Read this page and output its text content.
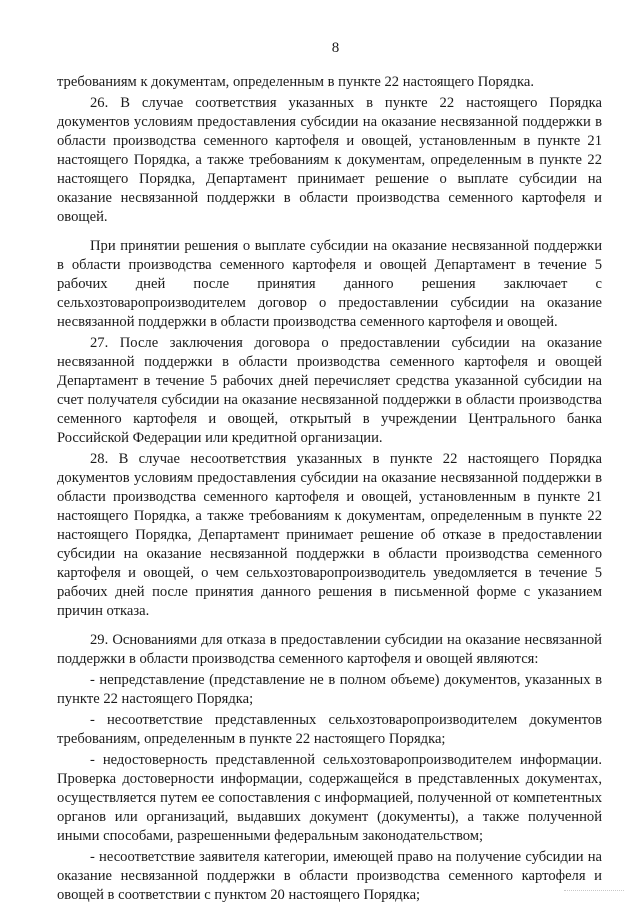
8

требованиям к документам, определенным в пункте 22 настоящего Порядка.

26. В случае соответствия указанных в пункте 22 настоящего Порядка документов условиям предоставления субсидии на оказание несвязанной поддержки в области производства семенного картофеля и овощей, установленным в пункте 21 настоящего Порядка, а также требованиям к документам, определенным в пункте 22 настоящего Порядка, Департамент принимает решение о выплате субсидии на оказание несвязанной поддержки в области производства семенного картофеля и овощей.

При принятии решения о выплате субсидии на оказание несвязанной поддержки в области производства семенного картофеля и овощей Департамент в течение 5 рабочих дней после принятия данного решения заключает с сельхозтоваропроизводителем договор о предоставлении субсидии на оказание несвязанной поддержки в области производства семенного картофеля и овощей.

27. После заключения договора о предоставлении субсидии на оказание несвязанной поддержки в области производства семенного картофеля и овощей Департамент в течение 5 рабочих дней перечисляет средства указанной субсидии на счет получателя субсидии на оказание несвязанной поддержки в области производства семенного картофеля и овощей, открытый в учреждении Центрального банка Российской Федерации или кредитной организации.

28. В случае несоответствия указанных в пункте 22 настоящего Порядка документов условиям предоставления субсидии на оказание несвязанной поддержки в области производства семенного картофеля и овощей, установленным в пункте 21 настоящего Порядка, а также требованиям к документам, определенным в пункте 22 настоящего Порядка, Департамент принимает решение об отказе в предоставлении субсидии на оказание несвязанной поддержки в области производства семенного картофеля и овощей, о чем сельхозтоваропроизводитель уведомляется в течение 5 рабочих дней после принятия данного решения в письменной форме с указанием причин отказа.

29. Основаниями для отказа в предоставлении субсидии на оказание несвязанной поддержки в области производства семенного картофеля и овощей являются:

- непредставление (представление не в полном объеме) документов, указанных в пункте 22 настоящего Порядка;

- несоответствие представленных сельхозтоваропроизводителем документов требованиям, определенным в пункте 22 настоящего Порядка;

- недостоверность представленной сельхозтоваропроизводителем информации. Проверка достоверности информации, содержащейся в представленных документах, осуществляется путем ее сопоставления с информацией, полученной от компетентных органов или организаций, выдавших документ (документы), а также полученной иными способами, разрешенными федеральным законодательством;

- несоответствие заявителя категории, имеющей право на получение субсидии на оказание несвязанной поддержки в области производства семенного картофеля и овощей в соответствии с пунктом 20 настоящего Порядка;
